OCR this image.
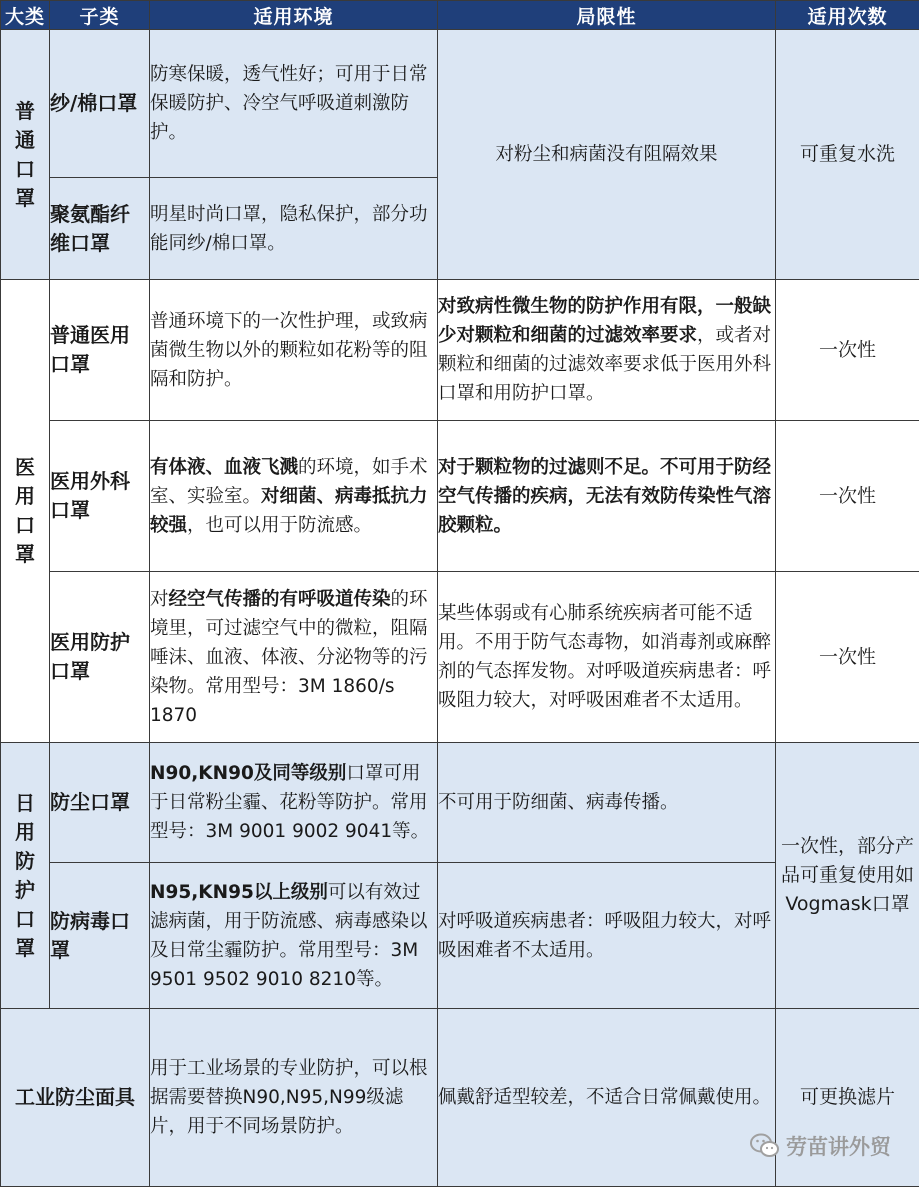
大类	子类	适用环境	局限性	适用次数
普通口罩	纱/棉口罩	防寒保暖，透气性好；可用于日常保暖防护、冷空气呼吸道刺激防护。	对粉尘和病菌没有阻隔效果	可重复水洗
	聚氨酯纤维口罩	明星时尚口罩，隐私保护，部分功能同纱/棉口罩。		
医用口罩	普通医用口罩	普通环境下的一次性护理，或致病菌微生物以外的颗粒如花粉等的阻隔和防护。	对致病性微生物的防护作用有限，一般缺少对颗粒和细菌的过滤效率要求，或者对颗粒和细菌的过滤效率要求低于医用外科口罩和用防护口罩。	一次性
	医用外科口罩	有体液、血液飞溅的环境，如手术室、实验室。对细菌、病毒抵抗力较强，也可以用于防流感。	对于颗粒物的过滤则不足。不可用于防经空气传播的疾病，无法有效防传染性气溶胶颗粒。	一次性
	医用防护口罩	对经空气传播的有呼吸道传染的环境里，可过滤空气中的微粒，阻隔唾沫、血液、体液、分泌物等的污染物。常用型号：3M 1860/s 1870	某些体弱或有心肺系统疾病者可能不适用。不用于防气态毒物，如消毒剂或麻醉剂的气态挥发物。对呼吸道疾病患者：呼吸阻力较大，对呼吸困难者不太适用。	一次性
日用防护口罩	防尘口罩	N90,KN90及同等级别口罩可用于日常粉尘霾、花粉等防护。常用型号：3M 9001 9002 9041等。	不可用于防细菌、病毒传播。	一次性，部分产品可重复使用如Vogmask口罩
	防病毒口罩	N95,KN95以上级别可以有效过滤病菌，用于防流感、病毒感染以及日常尘霾防护。常用型号：3M 9501 9502 9010 8210等。	对呼吸道疾病患者：呼吸阻力较大，对呼吸困难者不太适用。	
工业防尘面具		用于工业场景的专业防护，可以根据需要替换N90,N95,N99级滤片，用于不同场景防护。	佩戴舒适型较差，不适合日常佩戴使用。	可更换滤片
劳苗讲外贸
